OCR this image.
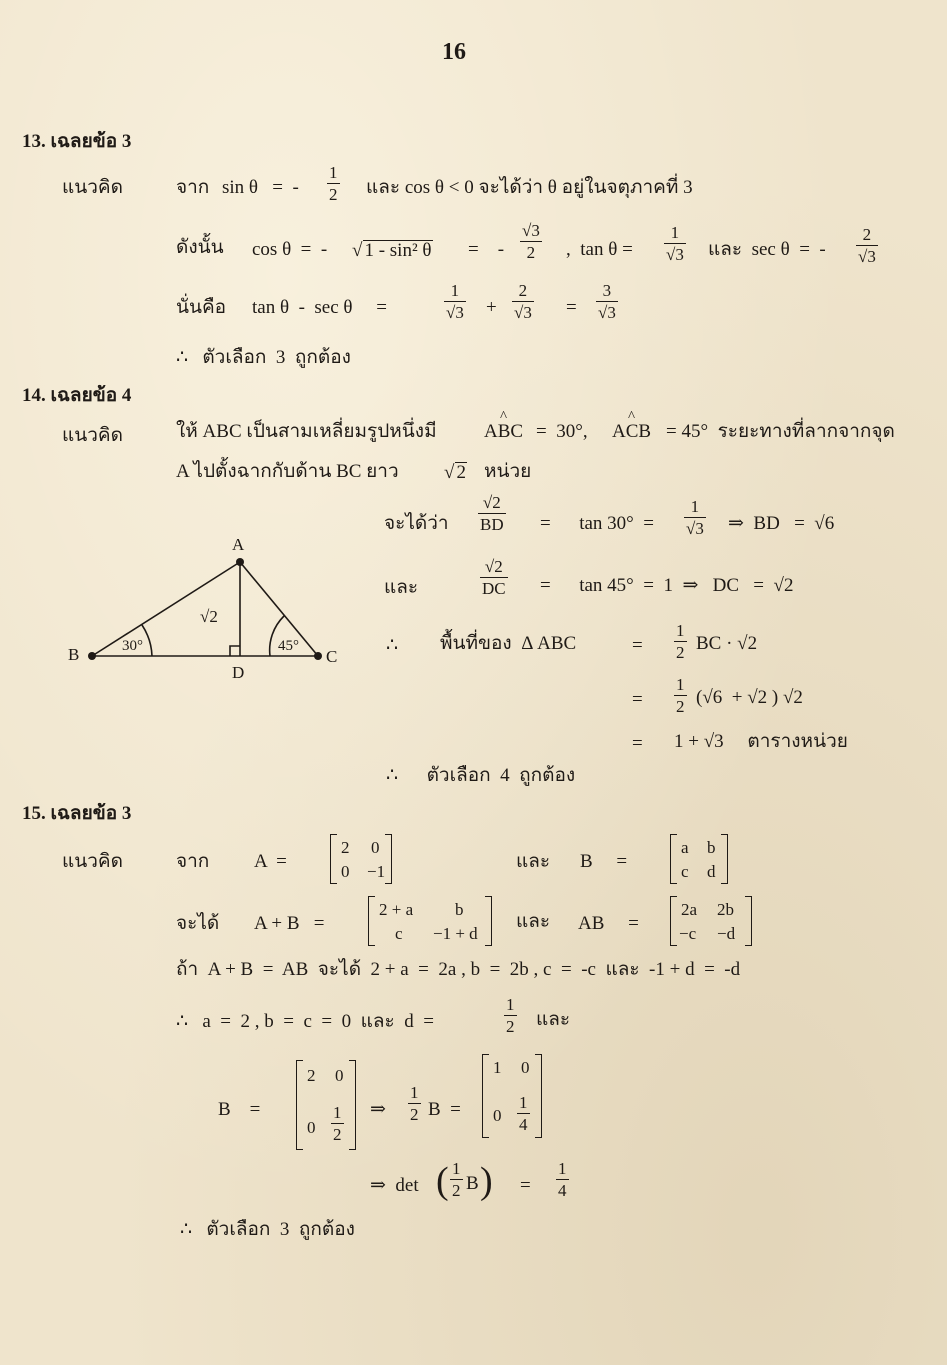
16
13. เฉลยข้อ 3
แนวคิด	จาก sin θ   =  -
1
2 และ cos θ < 0 จะได้ว่า θ อยู่ในจตุภาคที่ 3
ดังนั้น cos θ  =  - √ 1 - sin² θ =    -
√3
2 ,  tan θ =
1
√3 และ  sec θ  =  -
2
√3
นั่นคือ tan θ  -  sec θ     =
1
√3 +
2
√3 =
3
√3
∴   ตัวเลือก  3  ถูกต้อง
14. เฉลยข้อ 4
แนวคิด	ให้ ABC เป็นสามเหลี่ยมรูปหนึ่งมี ^ ABC =  30°, ^ ACB = 45°  ระยะทางที่ลากจากจุด
A ไปตั้งฉากกับด้าน BC ยาว √ 2 หน่วย
จะได้ว่า
√2
BD =      tan 30°  =
1
√3 ⇒  BD   =  √6
และ
√2
DC =      tan 45°  =  1  ⇒   DC   =  √2
∴ พื้นที่ของ  Δ ABC	=
1
2 BC · √2
=
1
2 (√6  + √2 ) √2
= 1 + √3     ตารางหน่วย
∴      ตัวเลือก  4  ถูกต้อง
A
B	C
D
30°	45°
√2
15. เฉลยข้อ 3
แนวคิด	จาก A  =
2 0
0 −1	และ B     =
a b
c d
จะได้ A + B   =
2 + a b
c −1 + d
และ AB     =
2a 2b
−c −d
ถ้า  A + B  =  AB  จะได้  2 + a  =  2a , b  =  2b , c  =  -c  และ  -1 + d  =  -d
∴   a  =  2 , b  =  c  =  0  และ  d  =
1
2 และ
B    =
2 0
0
1
2
⇒
1
2 B  =
1 0
0
1
4
⇒  det ( 1
2 B ) =
1
4
∴   ตัวเลือก  3  ถูกต้อง
